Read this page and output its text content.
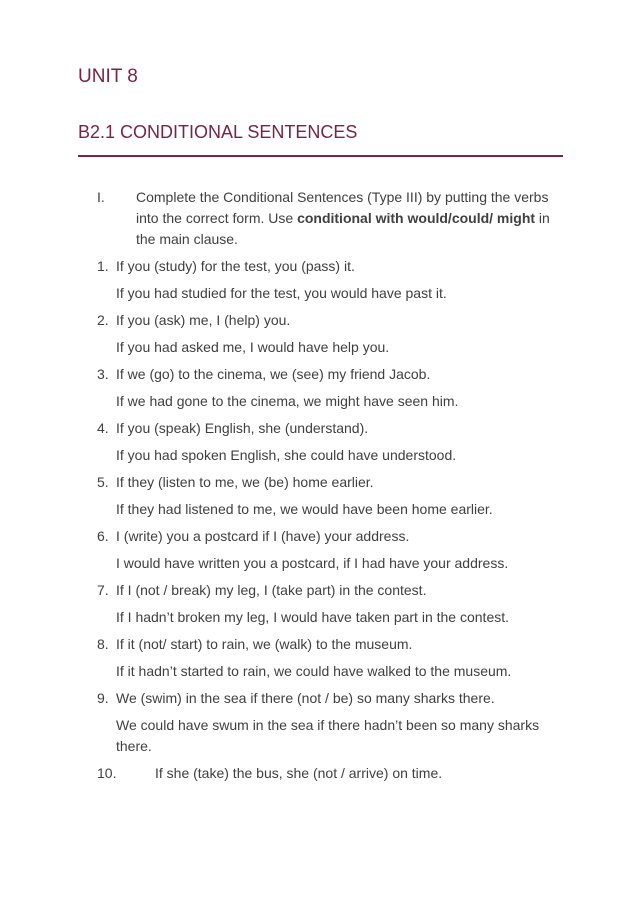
UNIT 8
B2.1 CONDITIONAL SENTENCES
I. Complete the Conditional Sentences (Type III) by putting the verbs into the correct form. Use conditional with would/could/ might in the main clause.
1. If you (study) for the test, you (pass) it.
If you had studied for the test, you would have past it.
2. If you (ask) me, I (help) you.
If you had asked me, I would have help you.
3. If we (go) to the cinema, we (see) my friend Jacob.
If we had gone to the cinema, we might have seen him.
4. If you (speak) English, she (understand).
If you had spoken English, she could have understood.
5. If they (listen to me, we (be) home earlier.
If they had listened to me, we would have been home earlier.
6. I (write) you a postcard if I (have) your address.
I would have written you a postcard, if I had have your address.
7. If I (not / break) my leg, I (take part) in the contest.
If I hadn’t broken my leg, I would have taken part in the contest.
8. If it (not/ start) to rain, we (walk) to the museum.
If it hadn’t started to rain, we could have walked to the museum.
9. We (swim) in the sea if there (not / be) so many sharks there.
We could have swum in the sea if there hadn’t been so many sharks there.
10.	If she (take) the bus, she (not / arrive) on time.
